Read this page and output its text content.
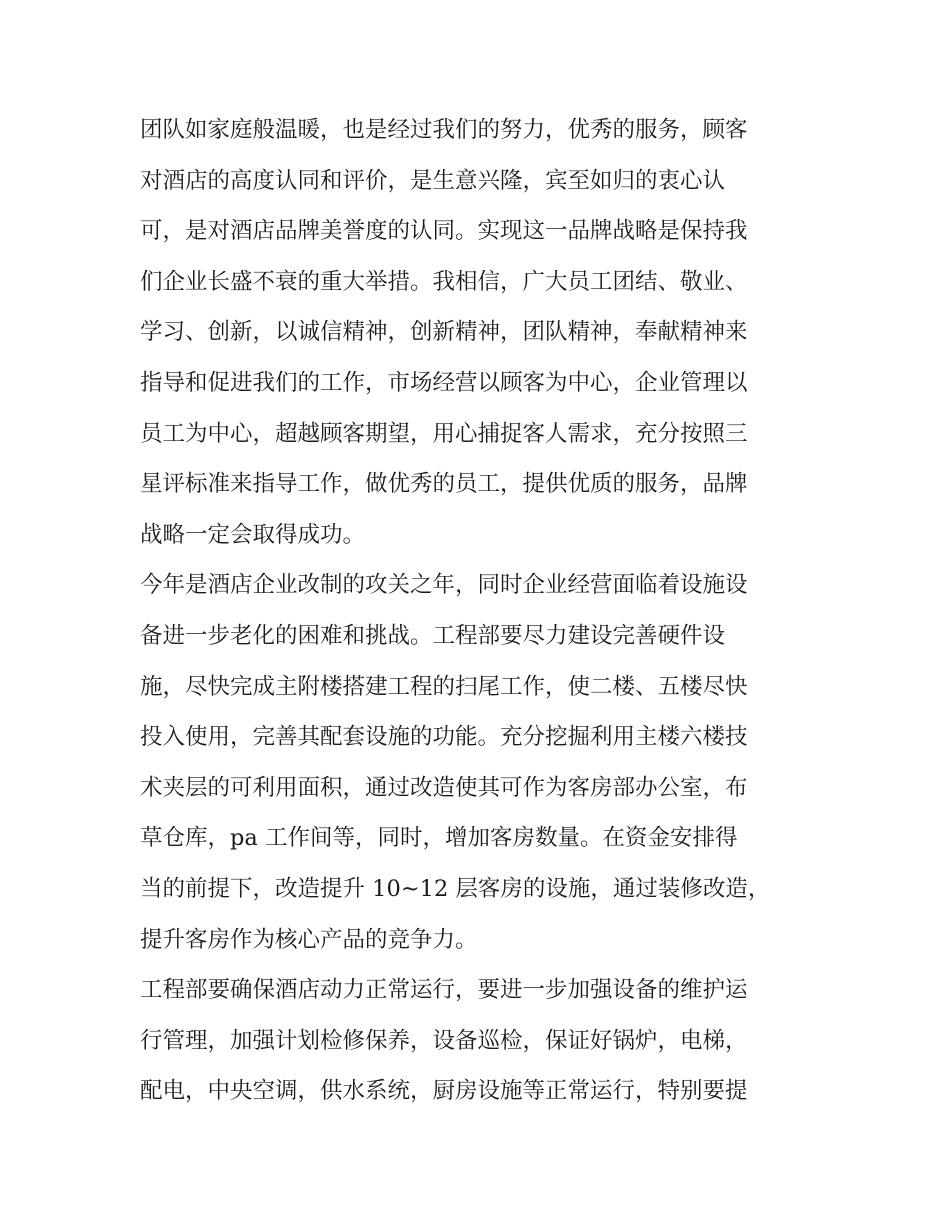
团队如家庭般温暖，也是经过我们的努力，优秀的服务，顾客
对酒店的高度认同和评价，是生意兴隆，宾至如归的衷心认
可，是对酒店品牌美誉度的认同。实现这一品牌战略是保持我
们企业长盛不衰的重大举措。我相信，广大员工团结、敬业、
学习、创新，以诚信精神，创新精神，团队精神，奉献精神来
指导和促进我们的工作，市场经营以顾客为中心，企业管理以
员工为中心，超越顾客期望，用心捕捉客人需求，充分按照三
星评标准来指导工作，做优秀的员工，提供优质的服务，品牌
战略一定会取得成功。
今年是酒店企业改制的攻关之年，同时企业经营面临着设施设
备进一步老化的困难和挑战。工程部要尽力建设完善硬件设
施，尽快完成主附楼搭建工程的扫尾工作，使二楼、五楼尽快
投入使用，完善其配套设施的功能。充分挖掘利用主楼六楼技
术夹层的可利用面积，通过改造使其可作为客房部办公室，布
草仓库，pa 工作间等，同时，增加客房数量。在资金安排得
当的前提下，改造提升 10~12 层客房的设施，通过装修改造，
提升客房作为核心产品的竞争力。
工程部要确保酒店动力正常运行，要进一步加强设备的维护运
行管理，加强计划检修保养，设备巡检，保证好锅炉，电梯，
配电，中央空调，供水系统，厨房设施等正常运行，特别要提
